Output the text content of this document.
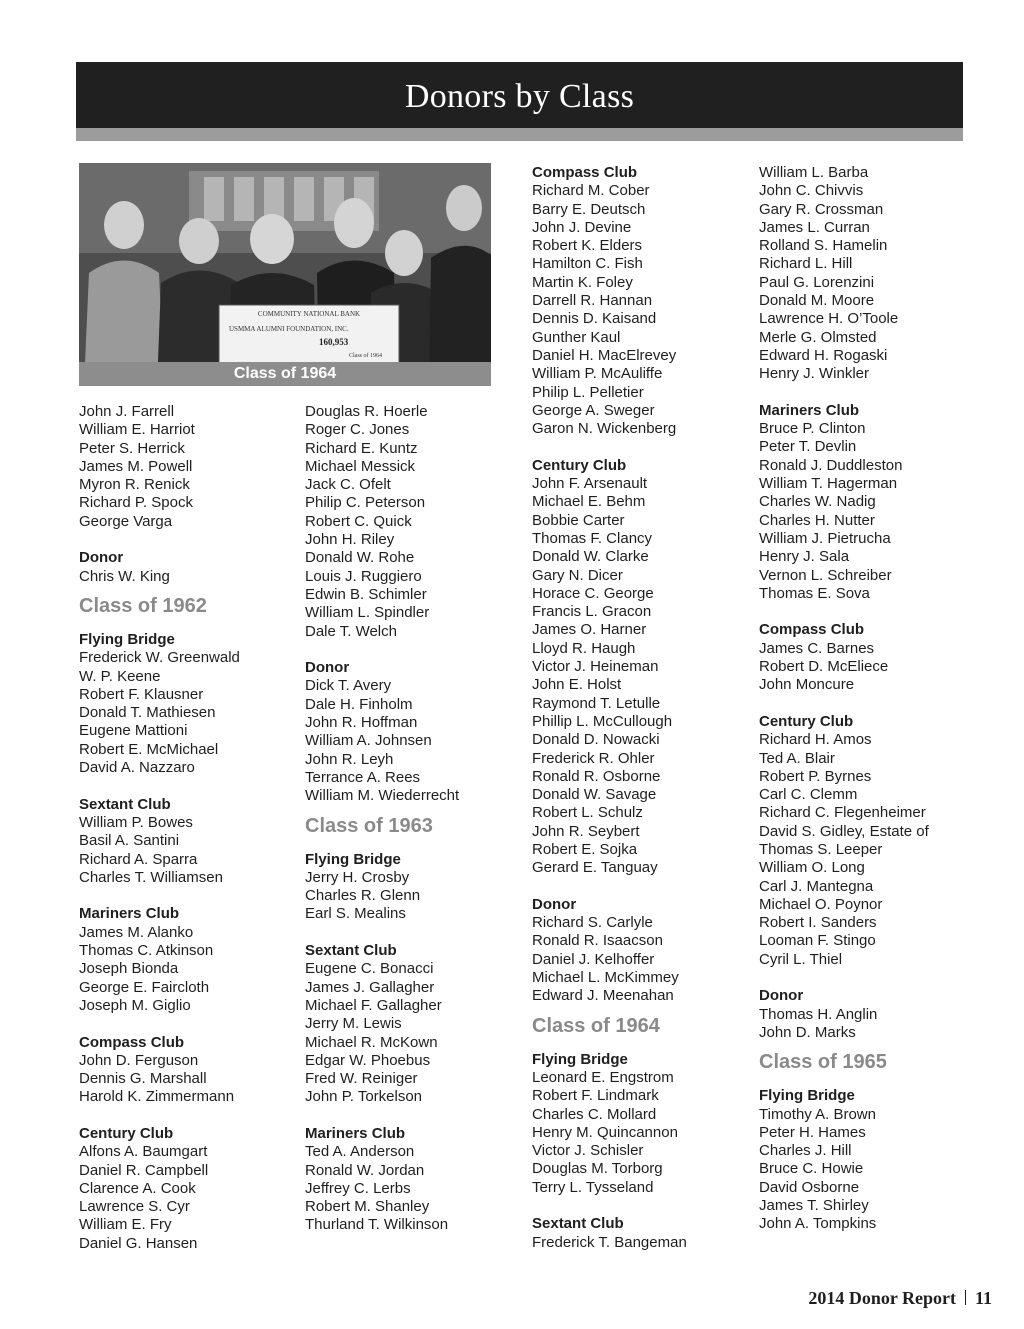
Donors by Class
COMMUNITY NATIONAL BANK
USMMA ALUMNI FOUNDATION, INC.
160,953
Class of 1964
Class of 1964
John J. Farrell
William E. Harriot
Peter S. Herrick
James M. Powell
Myron R. Renick
Richard P. Spock
George Varga
Donor
Chris W. King
Class of 1962
Flying Bridge
Frederick W. Greenwald
W. P. Keene
Robert F. Klausner
Donald T. Mathiesen
Eugene Mattioni
Robert E. McMichael
David A. Nazzaro
Sextant Club
William P. Bowes
Basil A. Santini
Richard A. Sparra
Charles T. Williamsen
Mariners Club
James M. Alanko
Thomas C. Atkinson
Joseph Bionda
George E. Faircloth
Joseph M. Giglio
Compass Club
John D. Ferguson
Dennis G. Marshall
Harold K. Zimmermann
Century Club
Alfons A. Baumgart
Daniel R. Campbell
Clarence A. Cook
Lawrence S. Cyr
William E. Fry
Daniel G. Hansen
Douglas R. Hoerle
Roger C. Jones
Richard E. Kuntz
Michael Messick
Jack C. Ofelt
Philip C. Peterson
Robert C. Quick
John H. Riley
Donald W. Rohe
Louis J. Ruggiero
Edwin B. Schimler
William L. Spindler
Dale T. Welch
Donor
Dick T. Avery
Dale H. Finholm
John R. Hoffman
William A. Johnsen
John R. Leyh
Terrance A. Rees
William M. Wiederrecht
Class of 1963
Flying Bridge
Jerry H. Crosby
Charles R. Glenn
Earl S. Mealins
Sextant Club
Eugene C. Bonacci
James J. Gallagher
Michael F. Gallagher
Jerry M. Lewis
Michael R. McKown
Edgar W. Phoebus
Fred W. Reiniger
John P. Torkelson
Mariners Club
Ted A. Anderson
Ronald W. Jordan
Jeffrey C. Lerbs
Robert M. Shanley
Thurland T. Wilkinson
Compass Club
Richard M. Cober
Barry E. Deutsch
John J. Devine
Robert K. Elders
Hamilton C. Fish
Martin K. Foley
Darrell R. Hannan
Dennis D. Kaisand
Gunther Kaul
Daniel H. MacElrevey
William P. McAuliffe
Philip L. Pelletier
George A. Sweger
Garon N. Wickenberg
Century Club
John F. Arsenault
Michael E. Behm
Bobbie Carter
Thomas F. Clancy
Donald W. Clarke
Gary N. Dicer
Horace C. George
Francis L. Gracon
James O. Harner
Lloyd R. Haugh
Victor J. Heineman
John E. Holst
Raymond T. Letulle
Phillip L. McCullough
Donald D. Nowacki
Frederick R. Ohler
Ronald R. Osborne
Donald W. Savage
Robert L. Schulz
John R. Seybert
Robert E. Sojka
Gerard E. Tanguay
Donor
Richard S. Carlyle
Ronald R. Isaacson
Daniel J. Kelhoffer
Michael L. McKimmey
Edward J. Meenahan
Class of 1964
Flying Bridge
Leonard E. Engstrom
Robert F. Lindmark
Charles C. Mollard
Henry M. Quincannon
Victor J. Schisler
Douglas M. Torborg
Terry L. Tysseland
Sextant Club
Frederick T. Bangeman
William L. Barba
John C. Chivvis
Gary R. Crossman
James L. Curran
Rolland S. Hamelin
Richard L. Hill
Paul G. Lorenzini
Donald M. Moore
Lawrence H. O’Toole
Merle G. Olmsted
Edward H. Rogaski
Henry J. Winkler
Mariners Club
Bruce P. Clinton
Peter T. Devlin
Ronald J. Duddleston
William T. Hagerman
Charles W. Nadig
Charles H. Nutter
William J. Pietrucha
Henry J. Sala
Vernon L. Schreiber
Thomas E. Sova
Compass Club
James C. Barnes
Robert D. McEliece
John Moncure
Century Club
Richard H. Amos
Ted A. Blair
Robert P. Byrnes
Carl C. Clemm
Richard C. Flegenheimer
David S. Gidley, Estate of
Thomas S. Leeper
William O. Long
Carl J. Mantegna
Michael O. Poynor
Robert I. Sanders
Looman F. Stingo
Cyril L. Thiel
Donor
Thomas H. Anglin
John D. Marks
Class of 1965
Flying Bridge
Timothy A. Brown
Peter H. Hames
Charles J. Hill
Bruce C. Howie
David Osborne
James T. Shirley
John A. Tompkins
2014 Donor Report 11
